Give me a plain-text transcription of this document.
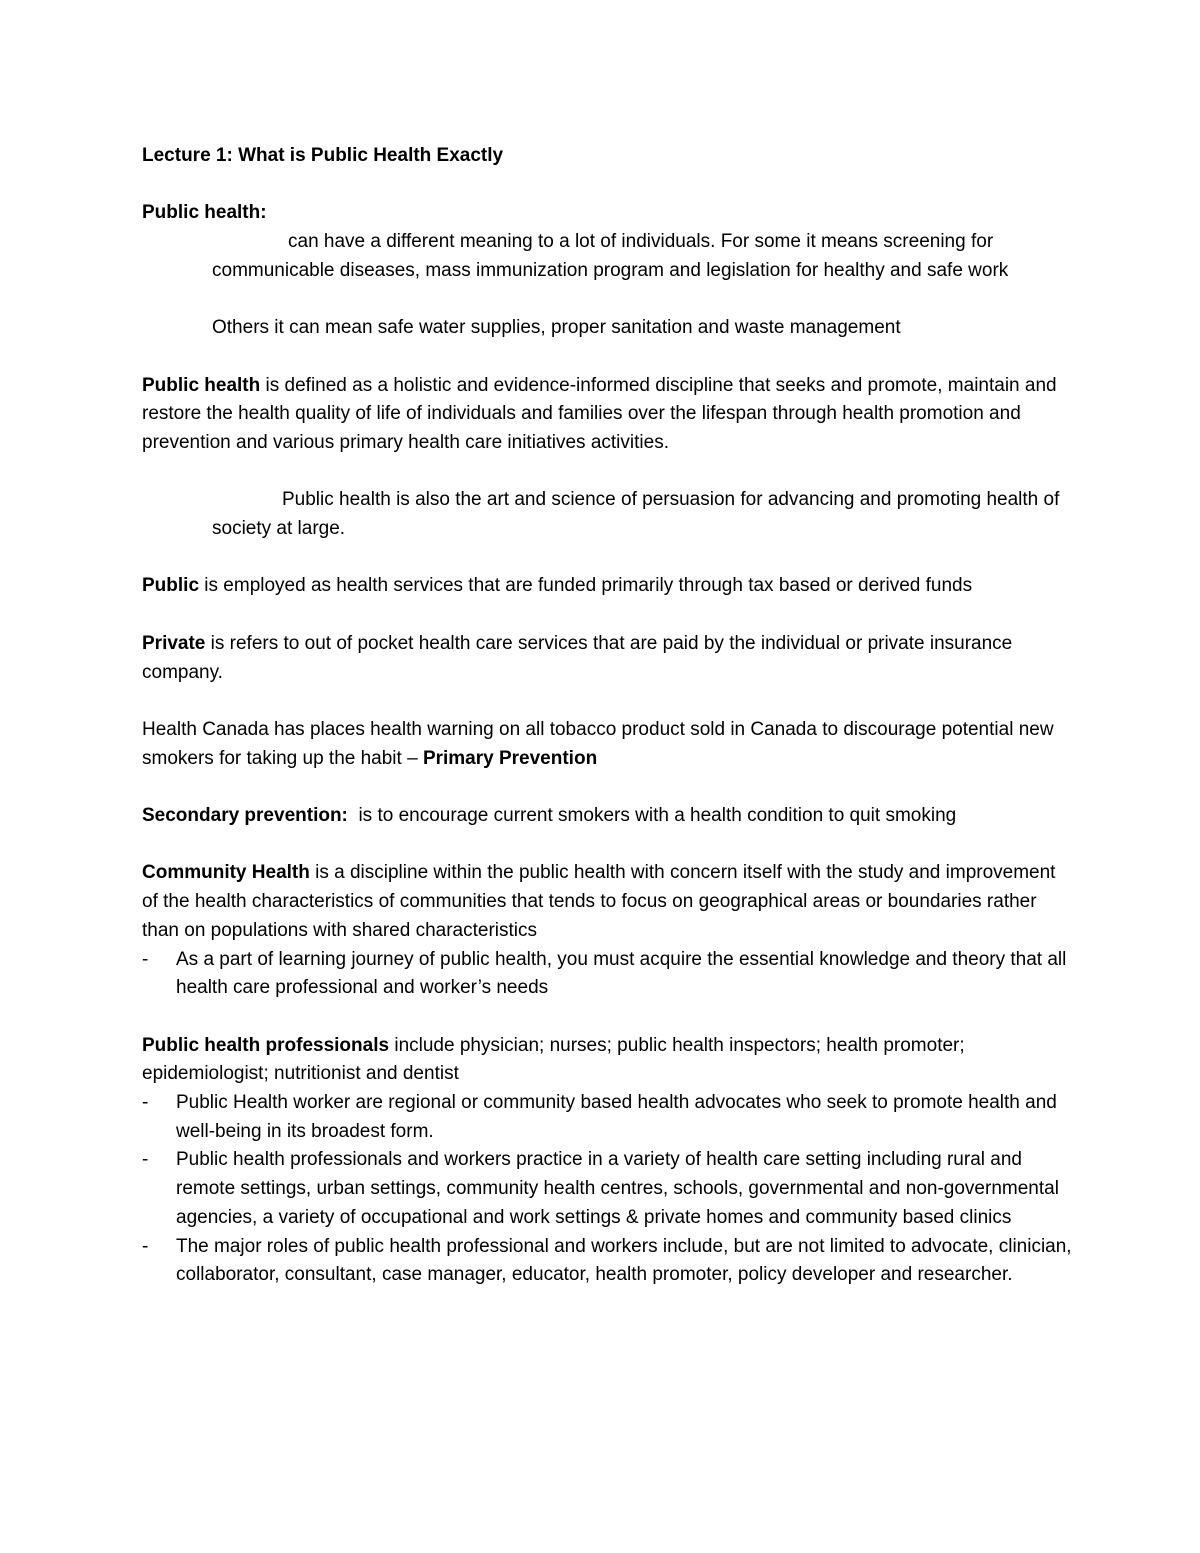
Lecture 1: What is Public Health Exactly

Public health:

can have a different meaning to a lot of individuals. For some it means screening for communicable diseases, mass immunization program and legislation for healthy and safe work

Others it can mean safe water supplies, proper sanitation and waste management

Public health is defined as a holistic and evidence-informed discipline that seeks and promote, maintain and restore the health quality of life of individuals and families over the lifespan through health promotion and prevention and various primary health care initiatives activities.

Public health is also the art and science of persuasion for advancing and promoting health of society at large.

Public is employed as health services that are funded primarily through tax based or derived funds

Private is refers to out of pocket health care services that are paid by the individual or private insurance company.

Health Canada has places health warning on all tobacco product sold in Canada to discourage potential new smokers for taking up the habit – Primary Prevention

Secondary prevention:  is to encourage current smokers with a health condition to quit smoking

Community Health is a discipline within the public health with concern itself with the study and improvement of the health characteristics of communities that tends to focus on geographical areas or boundaries rather than on populations with shared characteristics
-	As a part of learning journey of public health, you must acquire the essential knowledge and theory that all health care professional and worker’s needs
Public health professionals include physician; nurses; public health inspectors; health promoter; epidemiologist; nutritionist and dentist
-	Public Health worker are regional or community based health advocates who seek to promote health and well-being in its broadest form.
-	Public health professionals and workers practice in a variety of health care setting including rural and remote settings, urban settings, community health centres, schools, governmental and non-governmental agencies, a variety of occupational and work settings & private homes and community based clinics
-	The major roles of public health professional and workers include, but are not limited to advocate, clinician, collaborator, consultant, case manager, educator, health promoter, policy developer and researcher.
